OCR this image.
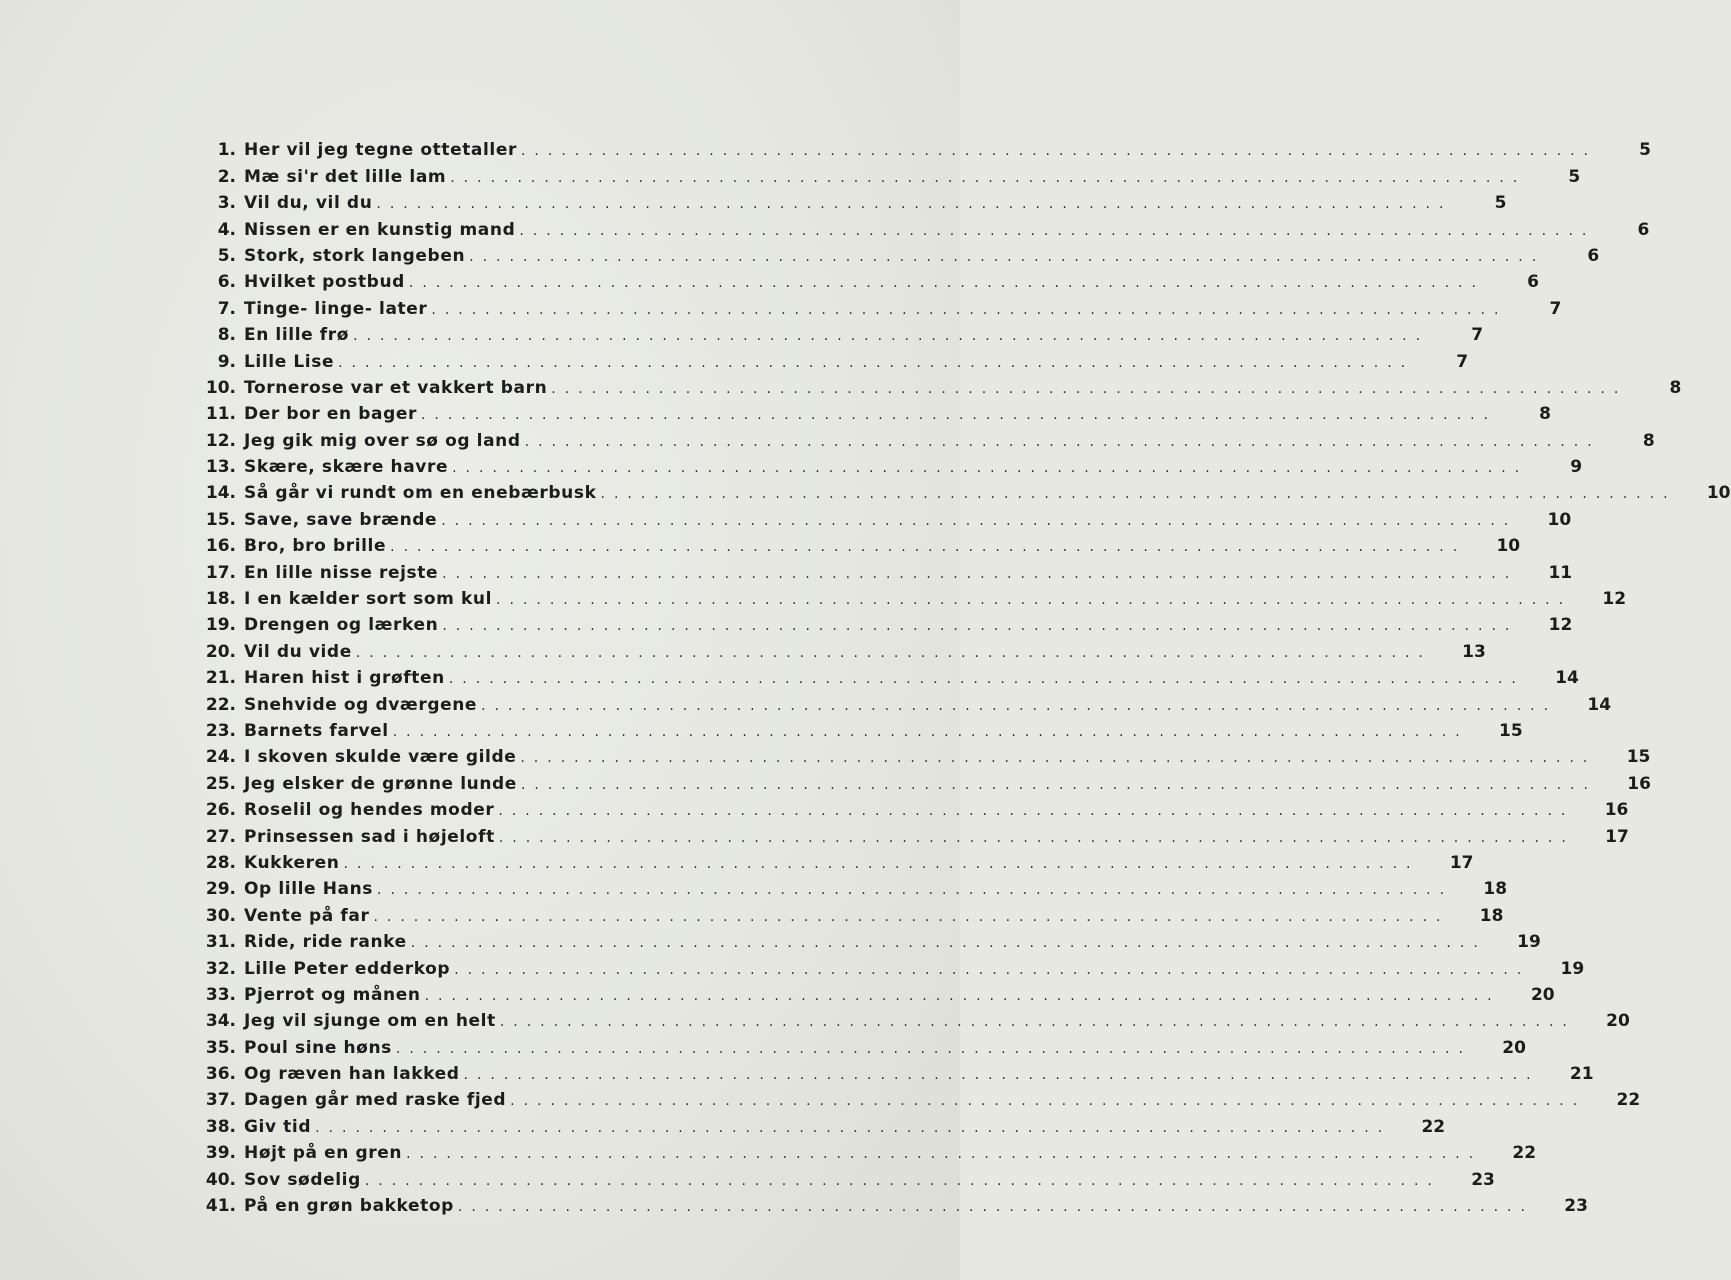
1. Her vil jeg tegne ottetaller ................................................................................	5
2. Mæ si'r det lille lam ................................................................................	5
3. Vil du, vil du ................................................................................	5
4. Nissen er en kunstig mand ................................................................................	6
5. Stork, stork langeben ................................................................................	6
6. Hvilket postbud ................................................................................	6
7. Tinge- linge- later ................................................................................	7
8. En lille frø ................................................................................	7
9. Lille Lise ................................................................................	7
10. Tornerose var et vakkert barn ................................................................................	8
11. Der bor en bager ................................................................................	8
12. Jeg gik mig over sø og land ................................................................................	8
13. Skære, skære havre ................................................................................	9
14. Så går vi rundt om en enebærbusk ................................................................................	10
15. Save, save brænde ................................................................................	10
16. Bro, bro brille ................................................................................	10
17. En lille nisse rejste ................................................................................	11
18. I en kælder sort som kul ................................................................................	12
19. Drengen og lærken ................................................................................	12
20. Vil du vide ................................................................................	13
21. Haren hist i grøften ................................................................................	14
22. Snehvide og dværgene ................................................................................	14
23. Barnets farvel ................................................................................	15
24. I skoven skulde være gilde ................................................................................	15
25. Jeg elsker de grønne lunde ................................................................................	16
26. Roselil og hendes moder ................................................................................	16
27. Prinsessen sad i højeloft ................................................................................	17
28. Kukkeren ................................................................................	17
29. Op lille Hans ................................................................................	18
30. Vente på far ................................................................................	18
31. Ride, ride ranke ................................................................................	19
32. Lille Peter edderkop ................................................................................	19
33. Pjerrot og månen ................................................................................	20
34. Jeg vil sjunge om en helt ................................................................................	20
35. Poul sine høns ................................................................................	20
36. Og ræven han lakked ................................................................................	21
37. Dagen går med raske fjed ................................................................................	22
38. Giv tid ................................................................................	22
39. Højt på en gren ................................................................................	22
40. Sov sødelig ................................................................................	23
41. På en grøn bakketop ................................................................................	23
